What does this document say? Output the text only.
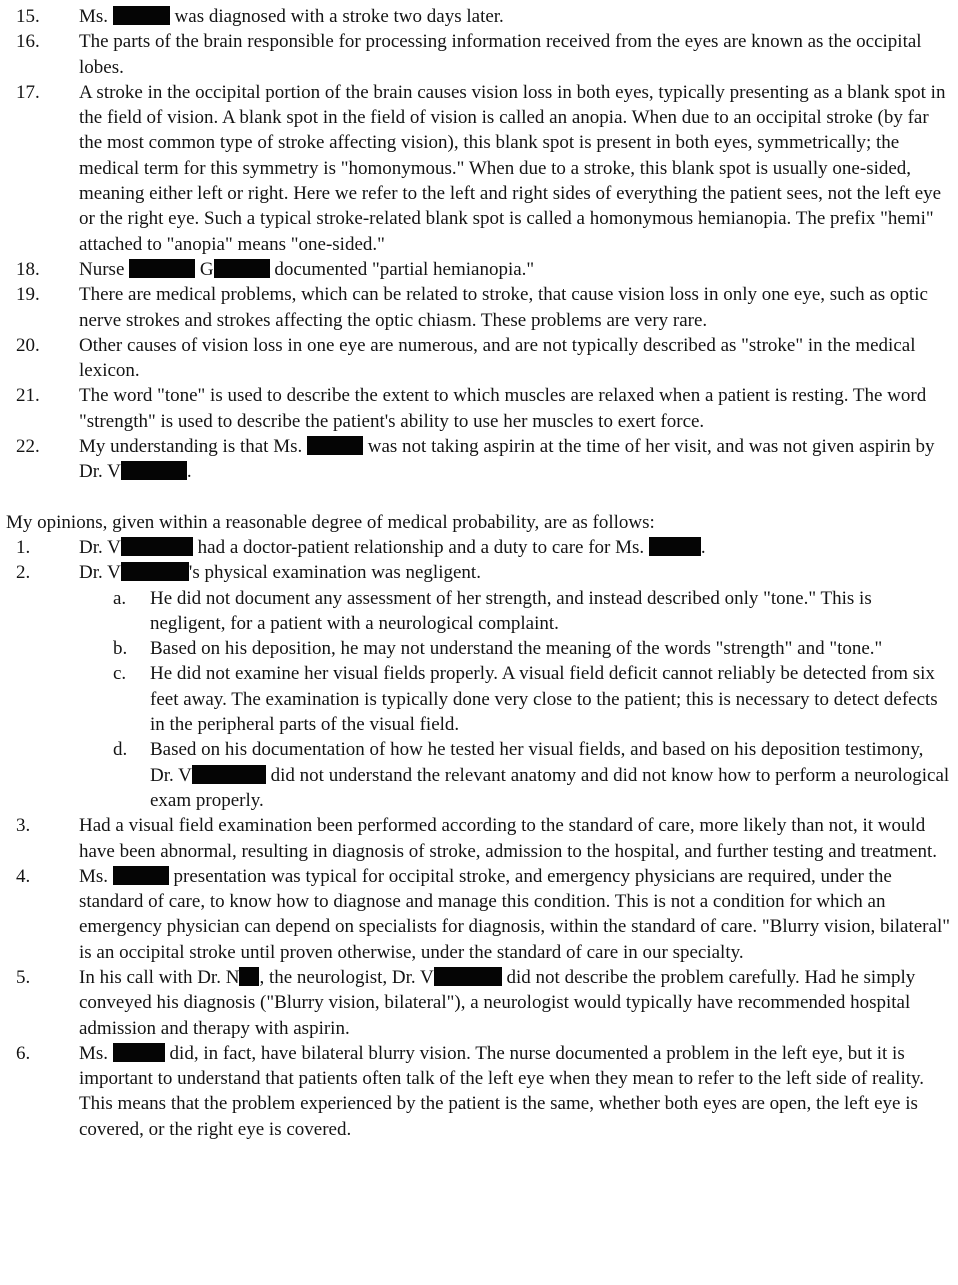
15.	Ms.	was diagnosed with a stroke two days later.
16.	The parts of the brain responsible for processing information received from the eyes are known as the occipital lobes.
17.	A stroke in the occipital portion of the brain causes vision loss in both eyes, typically presenting as a blank spot in the field of vision. A blank spot in the field of vision is called an anopia. When due to an occipital stroke (by far the most common type of stroke affecting vision), this blank spot is present in both eyes, symmetrically; the medical term for this symmetry is "homonymous." When due to a stroke, this blank spot is usually one-sided, meaning either left or right. Here we refer to the left and right sides of everything the patient sees, not the left eye or the right eye. Such a typical stroke-related blank spot is called a homonymous hemianopia. The prefix "hemi" attached to "anopia" means "one-sided."
18.	Nurse	G	documented "partial hemianopia."
19.	There are medical problems, which can be related to stroke, that cause vision loss in only one eye, such as optic nerve strokes and strokes affecting the optic chiasm. These problems are very rare.
20.	Other causes of vision loss in one eye are numerous, and are not typically described as "stroke" in the medical lexicon.
21.	The word "tone" is used to describe the extent to which muscles are relaxed when a patient is resting. The word "strength" is used to describe the patient's ability to use her muscles to exert force.
22.	My understanding is that Ms.	was not taking aspirin at the time of her visit, and was not given aspirin by Dr. V	.
My opinions, given within a reasonable degree of medical probability, are as follows:
1.	Dr. V	had a doctor-patient relationship and a duty to care for Ms.	.
2.	Dr. V	's physical examination was negligent.
a. He did not document any assessment of her strength, and instead described only "tone." This is negligent, for a patient with a neurological complaint.
b. Based on his deposition, he may not understand the meaning of the words "strength" and "tone."
c. He did not examine her visual fields properly. A visual field deficit cannot reliably be detected from six feet away. The examination is typically done very close to the patient; this is necessary to detect defects in the peripheral parts of the visual field.
d. Based on his documentation of how he tested her visual fields, and based on his deposition testimony, Dr. V	did not understand the relevant anatomy and did not know how to perform a neurological exam properly.
3.	Had a visual field examination been performed according to the standard of care, more likely than not, it would have been abnormal, resulting in diagnosis of stroke, admission to the hospital, and further testing and treatment.
4.	Ms.	presentation was typical for occipital stroke, and emergency physicians are required, under the standard of care, to know how to diagnose and manage this condition. This is not a condition for which an emergency physician can depend on specialists for diagnosis, within the standard of care. "Blurry vision, bilateral" is an occipital stroke until proven otherwise, under the standard of care in our specialty.
5.	In his call with Dr. N , the neurologist, Dr. V	did not describe the problem carefully. Had he simply conveyed his diagnosis ("Blurry vision, bilateral"), a neurologist would typically have recommended hospital admission and therapy with aspirin.
6.	Ms.	did, in fact, have bilateral blurry vision. The nurse documented a problem in the left eye, but it is important to understand that patients often talk of the left eye when they mean to refer to the left side of reality. This means that the problem experienced by the patient is the same, whether both eyes are open, the left eye is covered, or the right eye is covered.
